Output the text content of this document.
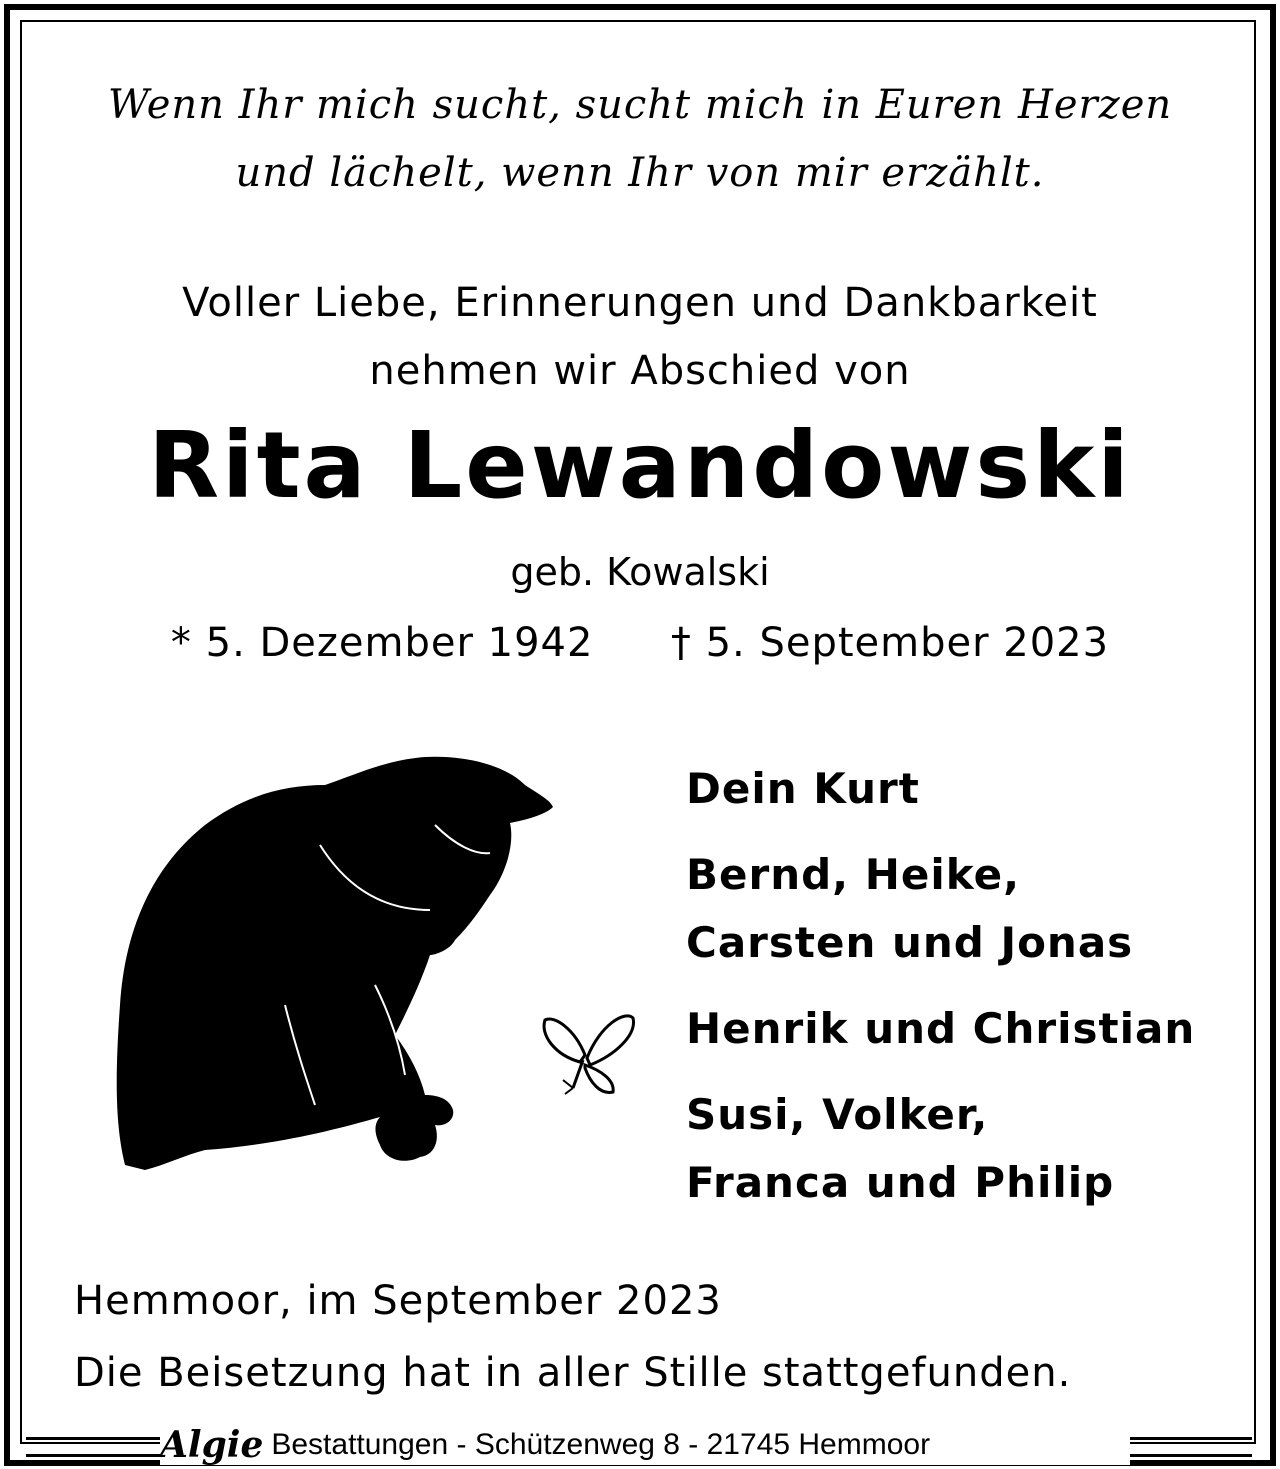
Wenn Ihr mich sucht, sucht mich in Euren Herzen
und lächelt, wenn Ihr von mir erzählt.
Voller Liebe, Erinnerungen und Dankbarkeit
nehmen wir Abschied von
Rita Lewandowski
geb. Kowalski
* 5. Dezember 1942 † 5. September 2023
Dein Kurt
Bernd, Heike,
Carsten und Jonas
Henrik und Christian
Susi, Volker,
Franca und Philip
Hemmoor, im September 2023
Die Beisetzung hat in aller Stille stattgefunden.
Algie Bestattungen - Schützenweg 8 - 21745 Hemmoor
